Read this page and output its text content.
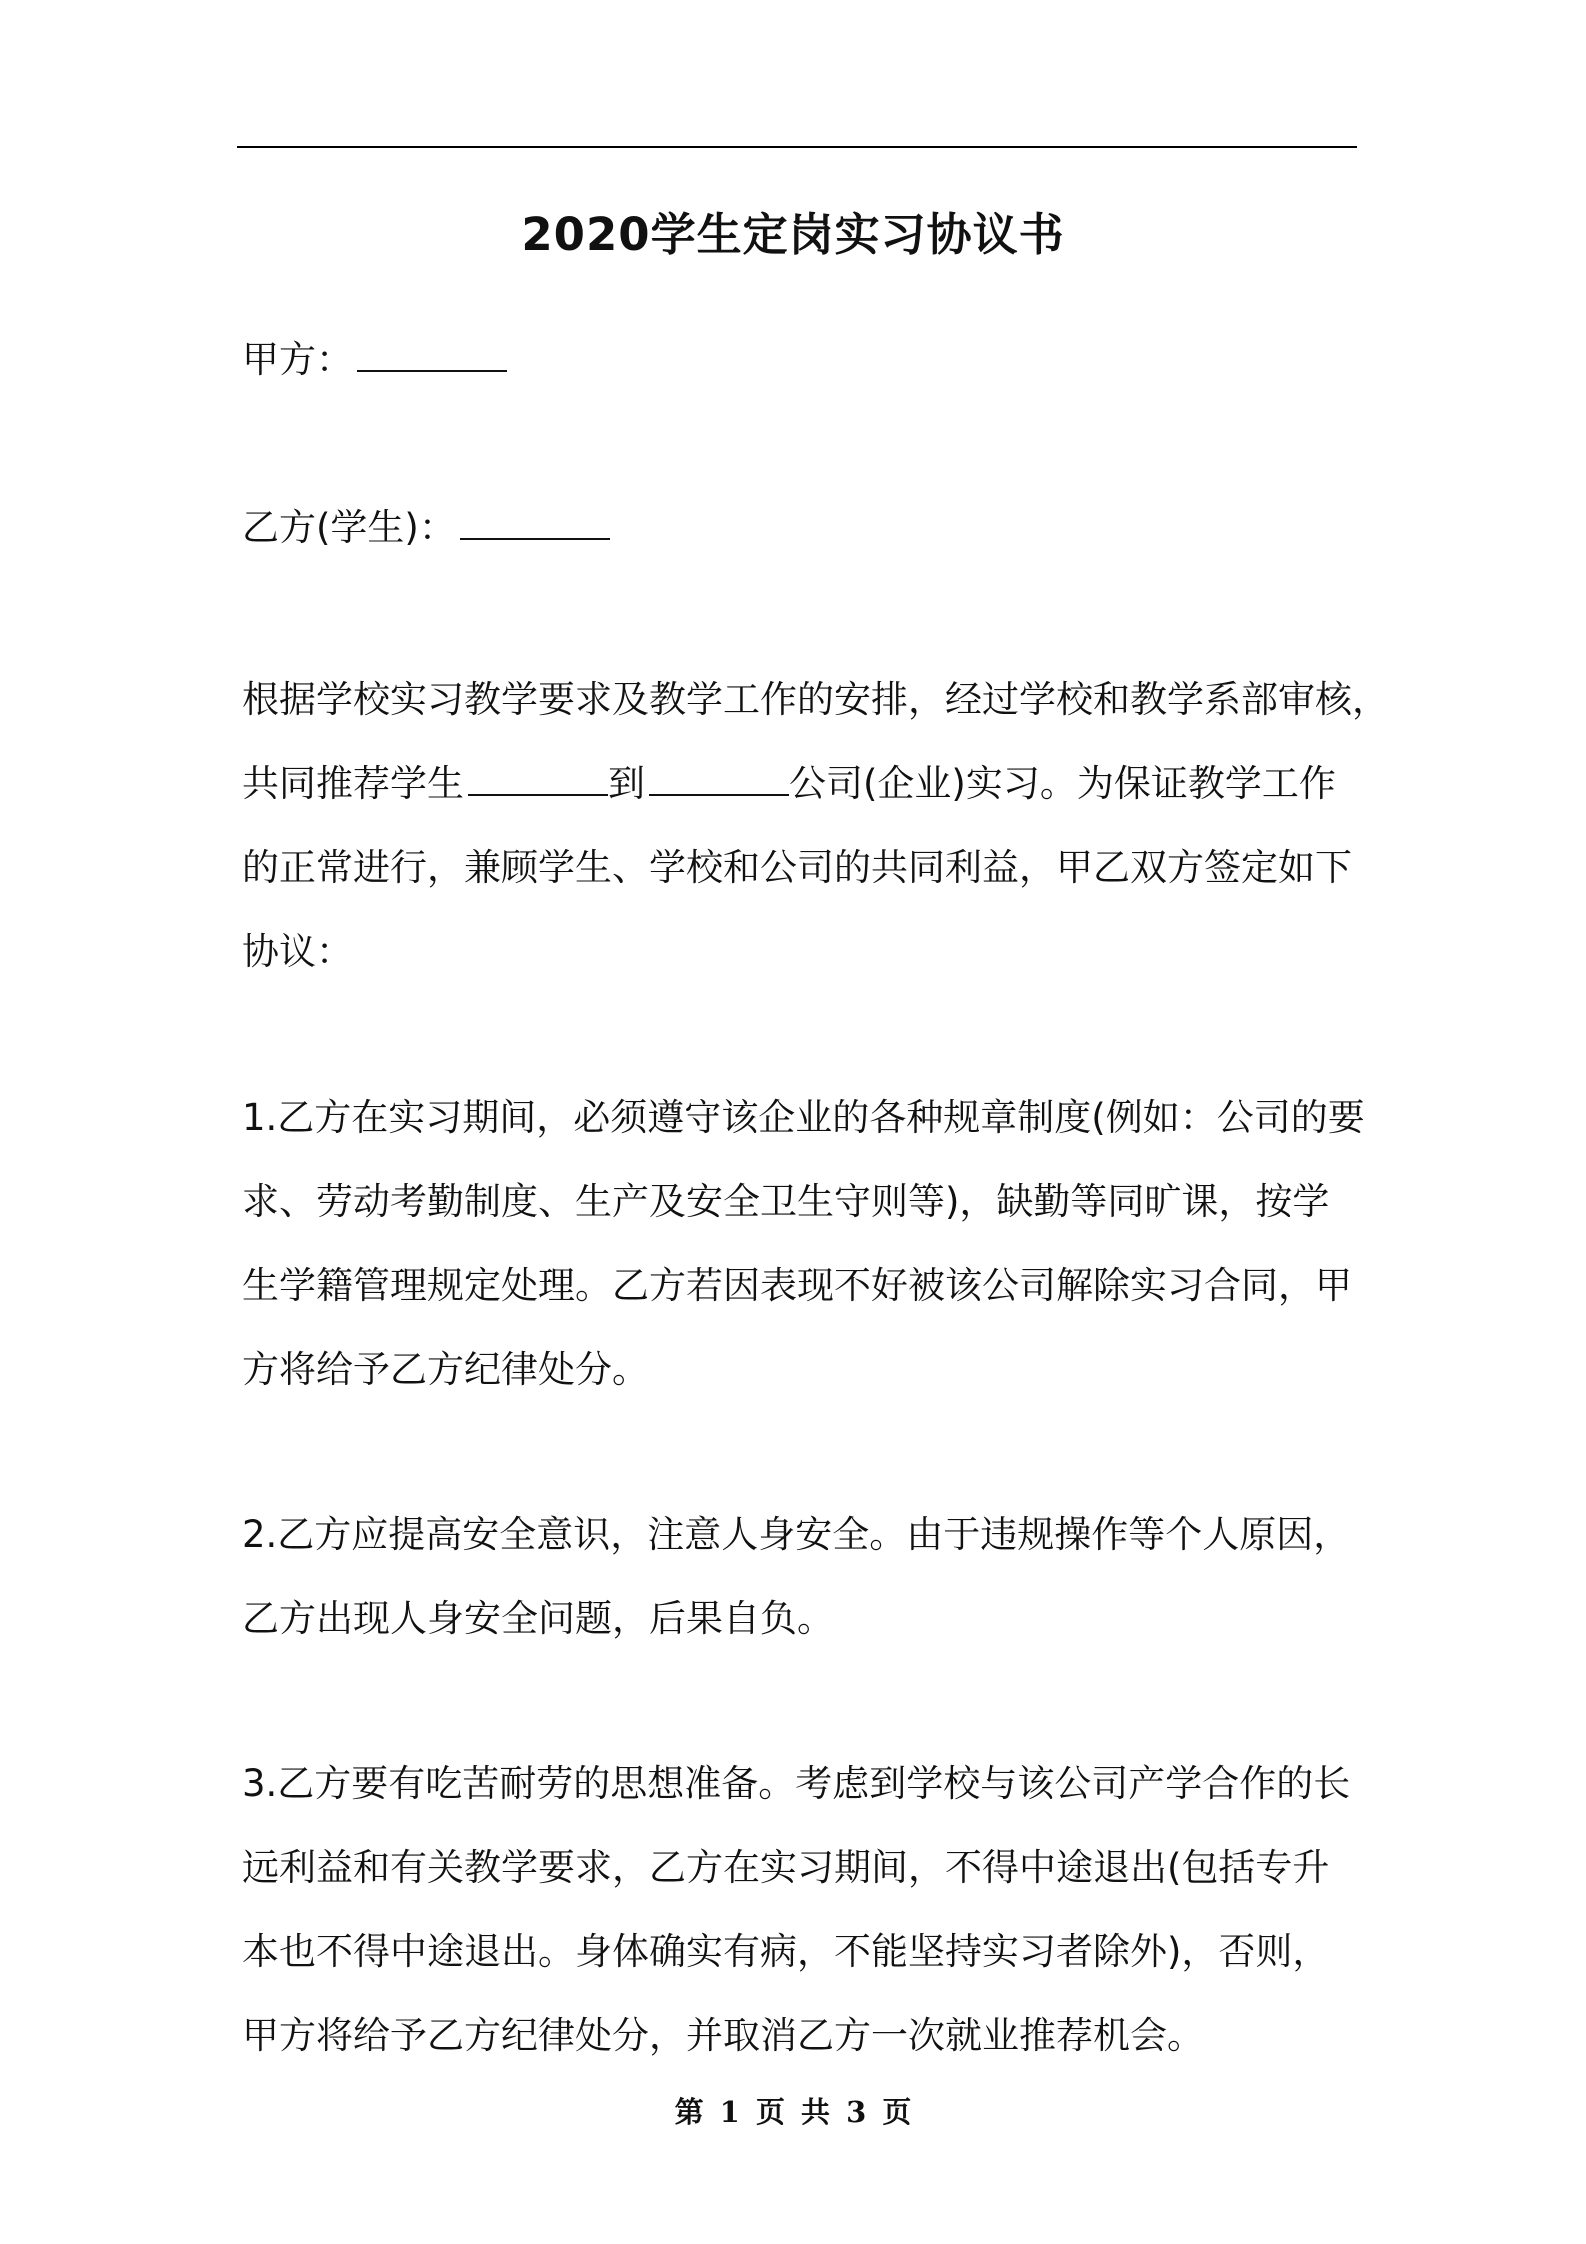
2020学生定岗实习协议书
甲方：
乙方(学生)：
根据学校实习教学要求及教学工作的安排，经过学校和教学系部审核，
共同推荐学生	到	公司(企业)实习。为保证教学工作
的正常进行，兼顾学生、学校和公司的共同利益，甲乙双方签定如下
协议：
1.乙方在实习期间，必须遵守该企业的各种规章制度(例如：公司的要
求、劳动考勤制度、生产及安全卫生守则等)，缺勤等同旷课，按学
生学籍管理规定处理。乙方若因表现不好被该公司解除实习合同，甲
方将给予乙方纪律处分。
2.乙方应提高安全意识，注意人身安全。由于违规操作等个人原因，
乙方出现人身安全问题，后果自负。
3.乙方要有吃苦耐劳的思想准备。考虑到学校与该公司产学合作的长
远利益和有关教学要求，乙方在实习期间，不得中途退出(包括专升
本也不得中途退出。身体确实有病，不能坚持实习者除外)，否则，
甲方将给予乙方纪律处分，并取消乙方一次就业推荐机会。
第 1 页 共 3 页
